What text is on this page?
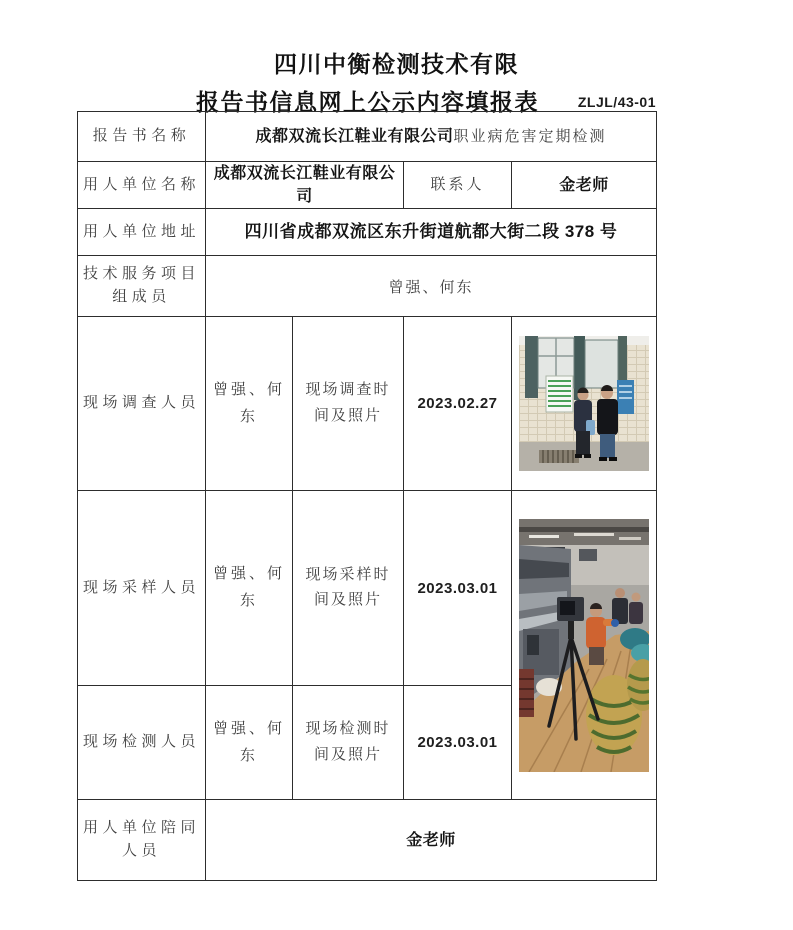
四川中衡检测技术有限
报告书信息网上公示内容填报表	ZLJL/43-01
报告书名称	成都双流长江鞋业有限公司职业病危害定期检测			
用人单位名称	成都双流长江鞋业有限公司		联系人	金老师
用人单位地址	四川省成都双流区东升街道航都大街二段 378 号			
技术服务项目组成员	曾强、何东			
现场调查人员	曾强、何东	现场调查时间及照片	2023.02.27	

现场采样人员	曾强、何东	现场采样时间及照片	2023.03.01	

现场检测人员	曾强、何东	现场检测时间及照片	2023.03.01	
用人单位陪同人员	金老师			
